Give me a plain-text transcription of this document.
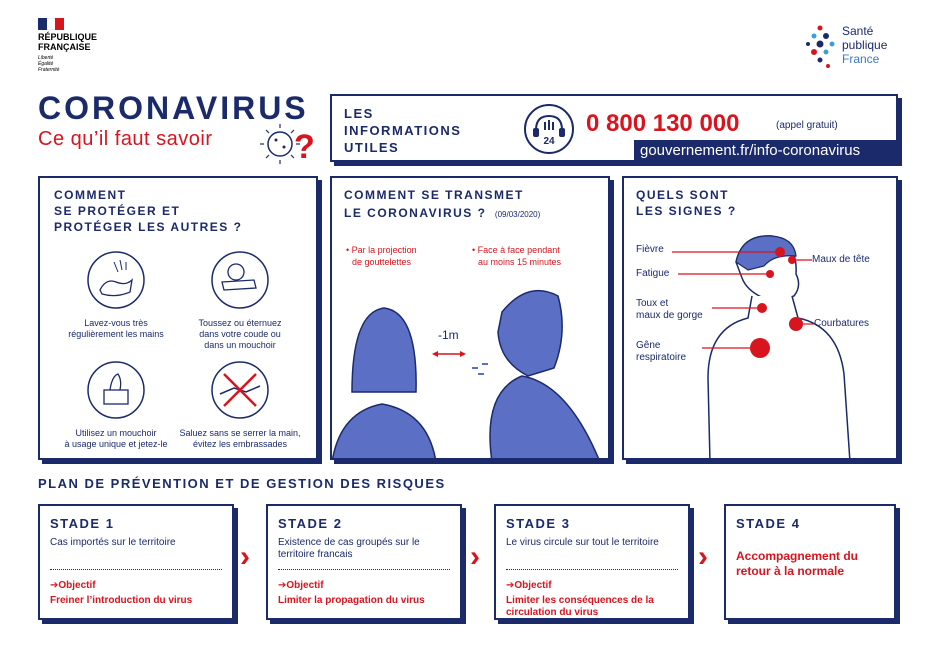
RÉPUBLIQUE
FRANÇAISE
Liberté
Égalité
Fraternité
Santé
publique
France
CORONAVIRUS
Ce qu’il faut savoir ?
LES
INFORMATIONS
UTILES	24
0 800 130 000	(appel gratuit)
gouvernement.fr/info-coronavirus
COMMENT
SE PROTÉGER ET
PROTÉGER LES AUTRES ?
Lavez-vous très
régulièrement les mains
Toussez ou éternuez
dans votre coude ou
dans un mouchoir
Utilisez un mouchoir
à usage unique et jetez-le
Saluez sans se serrer la main,
évitez les embrassades
COMMENT SE TRANSMET
LE CORONAVIRUS ? (09/03/2020)
• Par la projection
de gouttelettes
• Face à face pendant
au moins 15 minutes
-1m
QUELS SONT
LES SIGNES ?
Fièvre
Fatigue
Toux et
maux de gorge
Gêne
respiratoire
Maux de tête
Courbatures
PLAN DE PRÉVENTION ET DE GESTION DES RISQUES
STADE 1
Cas importés sur le territoire
➔Objectif
Freiner l’introduction du virus
›
STADE 2
Existence de cas groupés sur le territoire francais
➔Objectif
Limiter la propagation du virus
›
STADE 3
Le virus circule sur tout le territoire
➔Objectif
Limiter les conséquences de la circulation du virus
›
STADE 4
Accompagnement du retour à la normale
